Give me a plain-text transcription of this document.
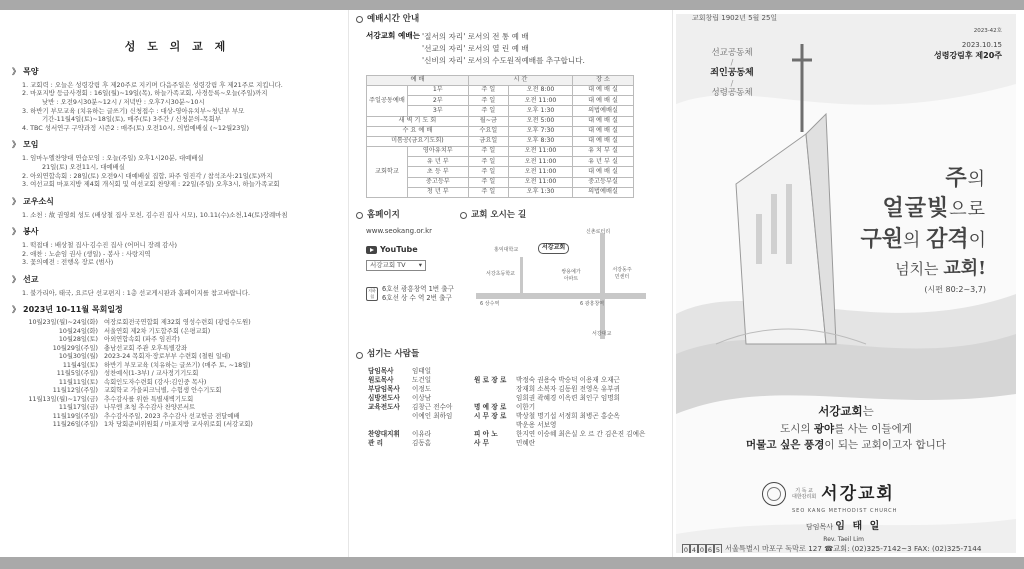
성 도 의 교 제
》 목양
1. 교회력 : 오늘은 성령강림 후 제20주로 지키며 다음주일은 성령강림 후 제21주로 지킵니다.
2. 마포지방 등급사경회 : 16일(월)~19일(목), 하늘가족교회, 사경등록~오늘(주일)까지
낮반 : 오전9시30분~12시 / 저녁반 : 오후7시30분~10시
3. 하반기 부모교육 (치유하는 글쓰기) 신청접수 : 대상-영아유치부~청년부 부모
기간-11월4일(토)~18일(토), 매주(토) 3주간 / 신청문의-목회부
4. TBC 성서연구 구약과정 시즌2 : 매주(토) 오전10시, 의법예배실 (~12월23일)
》 모임
1. 임마누엘찬양대 연습모임 : 오늘(주일) 오후1시20분, 대예배실
21일(토) 오전11시, 대예배실
2. 아외연합속회 : 28일(토) 오전9시 대예배실 집합, 파주 임진각 / 참석조사:21일(토)까지
3. 여선교회 마포지방 제4회 개식회 및 여선교회 찬양제 : 22일(주일) 오후3시, 하늘가족교회
》 교우소식
1. 소천 : 故 권영희 성도 (배상철 집사 모친, 김수진 집사 시모), 10.11(수)소천,14(토)장례마침
》 봉사
1. 떡접대 : 배상철 집사·김수진 집사 (어머니 장례 감사)
2. 애찬 : 노순임 권사 (생일) - 봉사 : 사랑지역
3. 꽃의예전 : 전행옥 장로 (범사)
》 선교
1. 불가리아, 태국, 요르단 선교편지 : 1층 선교게시판과 홈페이지를 참고바랍니다.
》 2023년 10-11월 목회일정
10월23일(월)~24일(화) 여장로회전국연합회 제32회 영성수련회 (광림수도원)
10월24일(화) 서울연회 제2차 기도합주회 (은평교회)
10월28일(토) 아외연합속회 (파주 임진각)
10월29일(주일) 충남선교회 주관 오후특별강좌
10월30일(월) 2023-24 목회자·장로부부 수련회 (철원 일대)
11월4일(토) 하반기 부모교육 (치유하는 글쓰기) (매주 토, ~18일)
11월5일(주일) 성찬예식(1-3부) / 교사정기기도회
11월11일(토) 속회인도자수련회 (강사:김인중 목사)
11월12일(주일) 교회학교 가을피크닉별, 수험생 안수기도회
11월13일(월)~17일(금) 추수감사를 위한 특별새벽기도회
11월17일(금) 나무엔 초청 추수감사 찬양콘서트
11월19일(주일) 추수감사주일, 2023 추수감사 선교헌금 전달예배
11월26일(주일) 1차 당회준비위원회 / 마포지방 교사위로회 (서강교회)
예배시간 안내
서강교회 예배는 '질서의 자리' 로서의 전 통 예 배

'선교의 자리' 로서의 열 린 예 배

'신비의 자리' 로서의 수도원적예배를 추구합니다.

예 배		시 간		장 소
주일공동예배	1부	주 일	오전 8:00	대 예 배 실
	2부	주 일	오전 11:00	대 예 배 실
	3부	주 일	오후 1:30	의법예배실
새 벽 기 도 회		월~금	오전 5:00	대 예 배 실
수 요 예 배		수요일	오후 7:30	대 예 배 실
미톰공(금요기도회)		금요일	오후 8:30	대 예 배 실
교회학교	영아유치부	주 일	오전 11:00	유 치 부 실
	유 년 부	주 일	오전 11:00	유 년 부 실
	초 등 부	주 일	오전 11:00	대 예 배 실
	중고등부	주 일	오전 11:00	중고등부실
	청 년 부	주 일	오후 1:30	의법예배실
홈페이지
www.seokang.or.kr
YouTube
서강교회 TV ▾
지하철
6호선 광흥창역 1번 출구
6호선 상 수 역 2번 출구
교회 오시는 길
서강교회
홍익대학교
신촌로터리
서강초등학교	쌍용예가아파트
서강동주민센터
6 상수역	6 광흥창역
서강대교
섬기는 사람들
담임목사	임태일
원로목사	도건일	원 로 장 로	박정숙 권용숙 박승덕 이용재 오재근
부담임목사	이정도	장재희 소복자 김동원 전영옥 유부귀
심방전도사	이상남	임희권 곽혜경 이옥련 최인구 임명희
교육전도사	김창근 전수아	명 예 장 로	이한기
이예인 최하임	시 무 장 로	박상철 명기섭 서정희 최병곤 홍순옥
박운용 서보영
찬양대지휘	이유라	피 아 노	한지연 이승혜 최은실 오 르 간 김은진 김예은
관 리	김동흠	사 무	민혜란
교회창립 1902년 5월 25일
2023-42호
2023.10.15
성령강림후 제20주
선교공동체
/
죄인공동체
/
성령공동체
주의
얼굴빛으로
구원의 감격이
넘치는 교회!
(시편 80:2~3,7)
서강교회는
도시의 광야를 사는 이들에게
머물고 싶은 풍경이 되는 교회이고자 합니다
기 독 교
대한감리회 서강교회
SEO KANG METHODIST CHURCH
담임목사 임 태 일
Rev. Taeil Lim
0 4 0 6 5 서울특별시 마포구 독막로 127 ☎교회: (02)325-7142~3 FAX: (02)325-7144
